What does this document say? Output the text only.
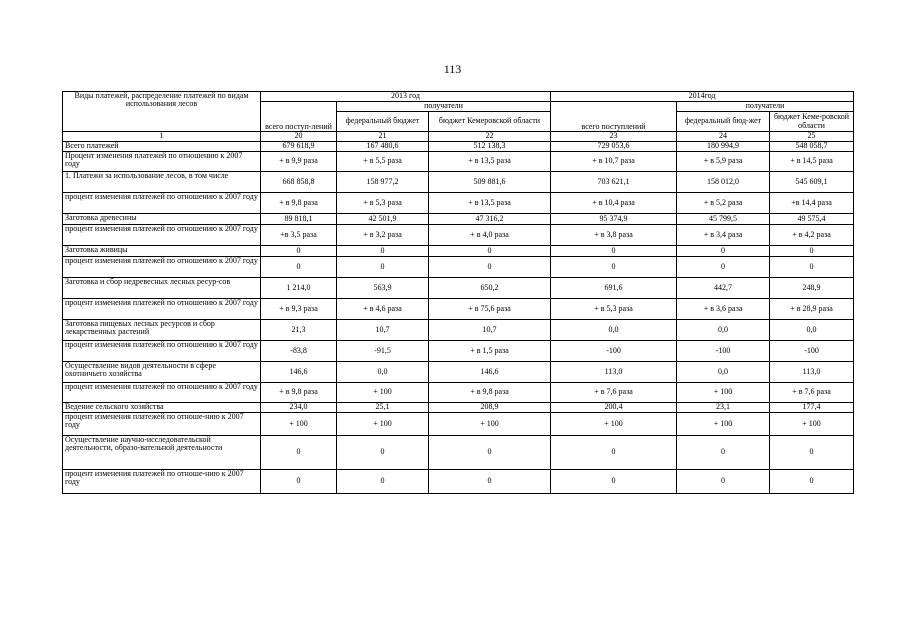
113
Виды платежей, распределение платежей по видам использования лесов	2013 год			2014год		
	всего поступ-лений	получатели		всего поступлений	получатели	
		федеральный бюджет	бюджет Кемеровской области		федеральный бюд-жет	бюджет Кеме-ровской области
1	20	21	22	23	24	25
Всего платежей	679 618,9	167 480,6	512 138,3	729 053,6	180 994,9	548 058,7
Процент изменения платежей по отношению к 2007 году	+ в 9,9 раза	+ в 5,5 раза	+ в 13,5 раза	+ в 10,7 раза	+ в 5,9 раза	+ в 14,5 раза
1. Платежи за использование лесов, в том числе	668 858,8	158 977,2	509 881,6	703 621,1	158 012,0	545 609,1
процент изменения платежей по отношению к 2007 году	+ в 9,8 раза	+ в 5,3 раза	+ в 13,5 раза	+ в 10,4 раза	+ в 5,2 раза	+в 14,4 раза
Заготовка древесины	89 818,1	42 501,9	47 316,2	95 374,9	45 799,5	49 575,4
процент изменения платежей по отношению к 2007 году	+в 3,5 раза	+ в 3,2 раза	+ в 4,0 раза	+ в 3,8 раза	+ в 3,4 раза	+ в 4,2 раза
Заготовка живицы	0	0	0	0	0	0
процент изменения платежей по отношению к 2007 году	0	0	0	0	0	0
Заготовка и сбор недревесных лесных ресур-сов	1 214,0	563,9	650,2	691,6	442,7	248,9
процент изменения платежей по отношению к 2007 году	+ в 9,3 раза	+ в 4,6 раза	+ в 75,6 раза	+ в 5,3 раза	+ в 3,6 раза	+ в 28,9 раза
Заготовка пищевых лесных ресурсов и сбор лекарственных растений	21,3	10,7	10,7	0,0	0,0	0,0
процент изменения платежей по отношению к 2007 году	-83,8	-91,5	+ в 1,5 раза	-100	-100	-100
Осуществление видов деятельности в сфере охотничьего хозяйства	146,6	0,0	146,6	113,0	0,0	113,0
процент изменения платежей по отношению к 2007 году	+ в 9,8 раза	+ 100	+ в 9,8 раза	+ в 7,6 раза	+ 100	+ в 7,6 раза
Ведение сельского хозяйства	234,0	25,1	208,9	200,4	23,1	177,4
процент изменения платежей по отноше-нию к 2007 году	+ 100	+ 100	+ 100	+ 100	+ 100	+ 100
Осуществление научно-исследовательской деятельности, образо-вательной деятельности	0	0	0	0	0	0
процент изменения платежей по отноше-нию к 2007 году	0	0	0	0	0	0
